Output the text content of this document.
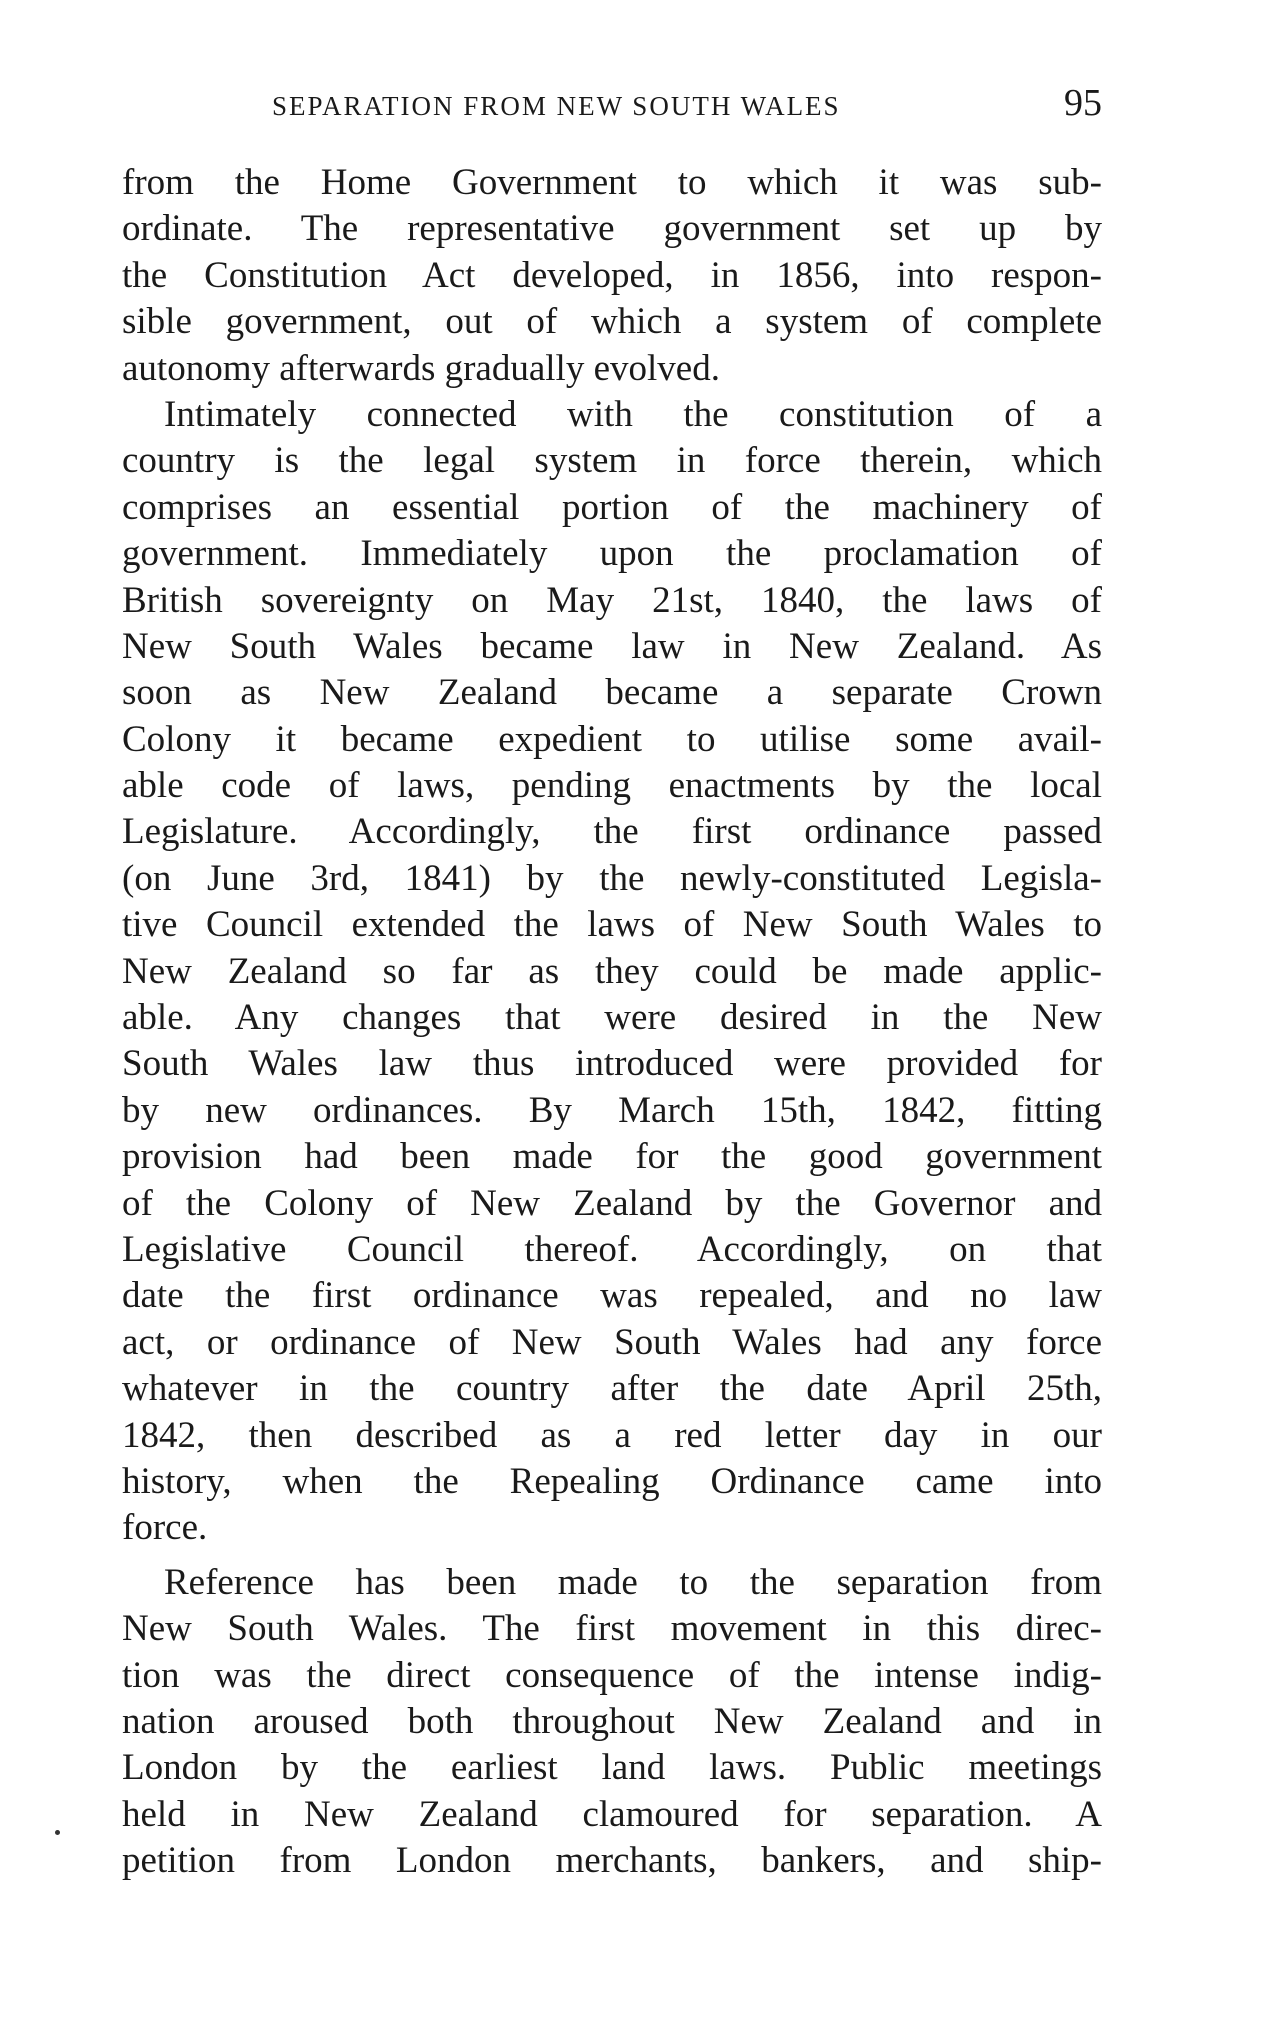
SEPARATION FROM NEW SOUTH WALES	95
from the Home Government to which it was sub-
ordinate. The representative government set up by
the Constitution Act developed, in 1856, into respon-
sible government, out of which a system of complete
autonomy afterwards gradually evolved.
Intimately connected with the constitution of a
country is the legal system in force therein, which
comprises an essential portion of the machinery of
government. Immediately upon the proclamation of
British sovereignty on May 21st, 1840, the laws of
New South Wales became law in New Zealand. As
soon as New Zealand became a separate Crown
Colony it became expedient to utilise some avail-
able code of laws, pending enactments by the local
Legislature. Accordingly, the first ordinance passed
(on June 3rd, 1841) by the newly-constituted Legisla-
tive Council extended the laws of New South Wales to
New Zealand so far as they could be made applic-
able. Any changes that were desired in the New
South Wales law thus introduced were provided for
by new ordinances. By March 15th, 1842, fitting
provision had been made for the good government
of the Colony of New Zealand by the Governor and
Legislative Council thereof. Accordingly, on that
date the first ordinance was repealed, and no law
act, or ordinance of New South Wales had any force
whatever in the country after the date April 25th,
1842, then described as a red letter day in our
history, when the Repealing Ordinance came into
force.
Reference has been made to the separation from
New South Wales. The first movement in this direc-
tion was the direct consequence of the intense indig-
nation aroused both throughout New Zealand and in
London by the earliest land laws. Public meetings
held in New Zealand clamoured for separation. A
petition from London merchants, bankers, and ship-
